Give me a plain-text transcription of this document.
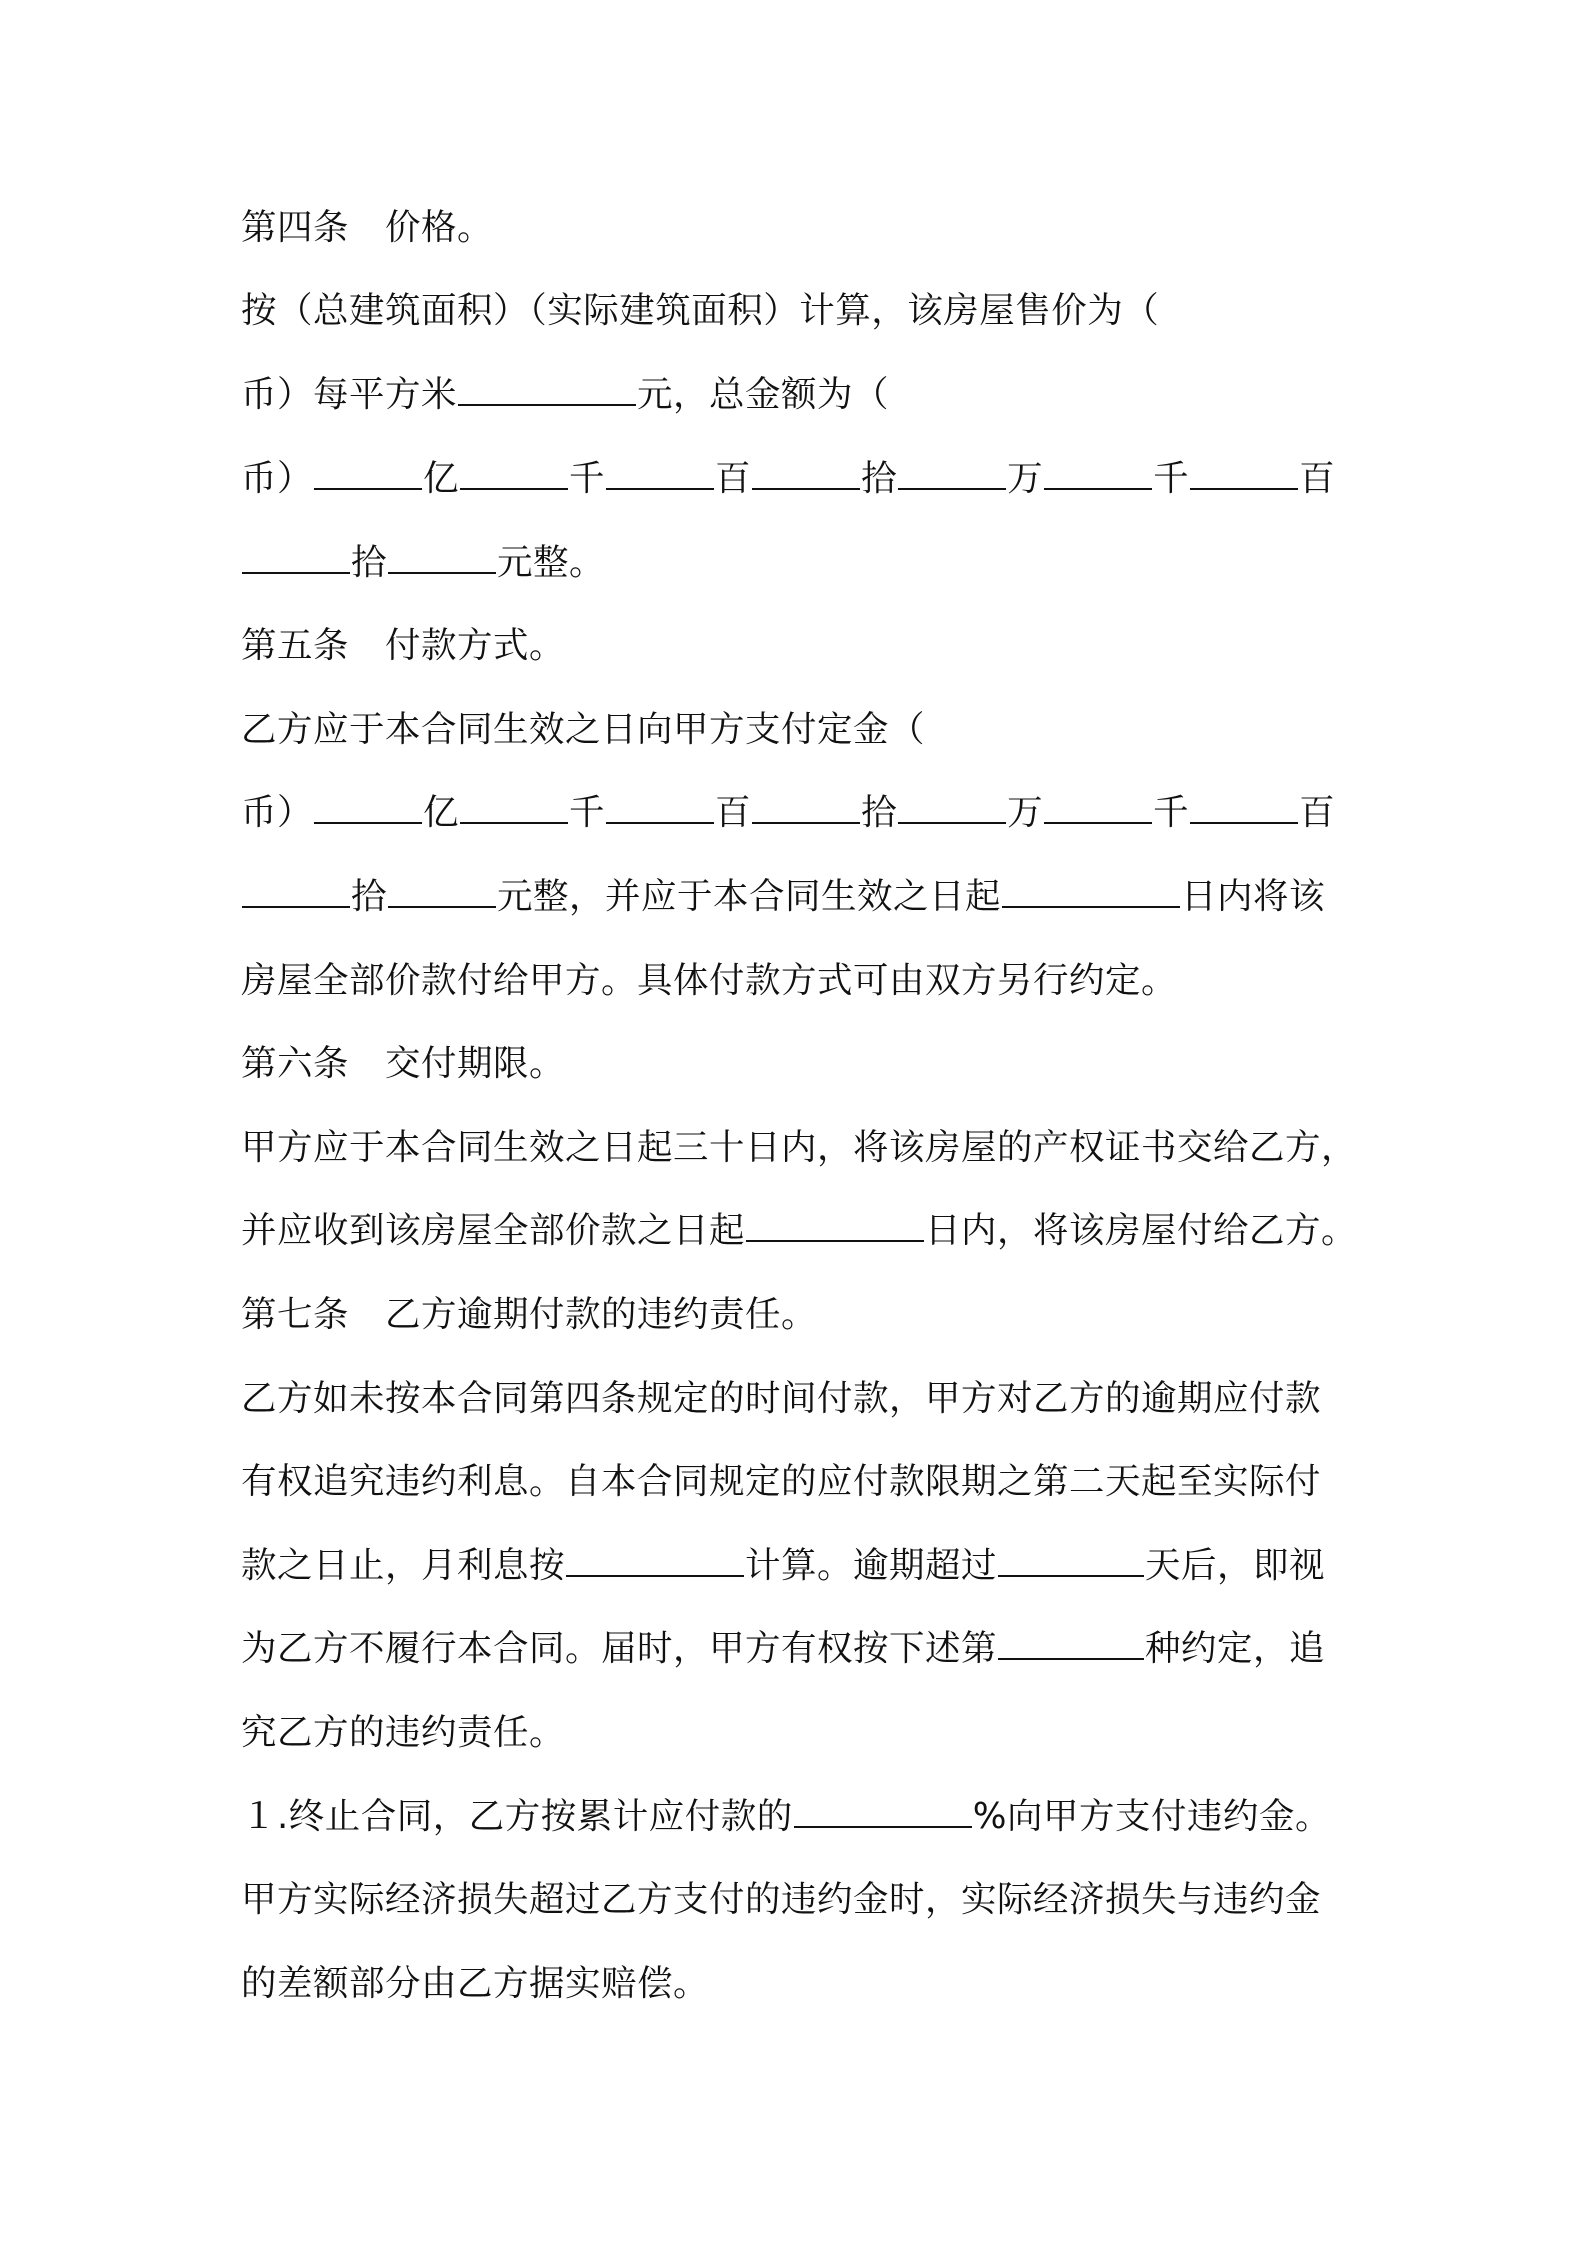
第四条 价格。
按（总建筑面积）（实际建筑面积）计算，该房屋售价为（
币）每平方米	元，总金额为（
币）	亿	千	百	拾	万	千	百
拾	元整。
第五条 付款方式。
乙方应于本合同生效之日向甲方支付定金（
币）	亿	千	百	拾	万	千	百
拾	元整，并应于本合同生效之日起	日内将该
房屋全部价款付给甲方。具体付款方式可由双方另行约定。
第六条 交付期限。
甲方应于本合同生效之日起三十日内，将该房屋的产权证书交给乙方，
并应收到该房屋全部价款之日起	日内，将该房屋付给乙方。
第七条 乙方逾期付款的违约责任。
乙方如未按本合同第四条规定的时间付款，甲方对乙方的逾期应付款
有权追究违约利息。自本合同规定的应付款限期之第二天起至实际付
款之日止，月利息按	计算。逾期超过	天后，即视
为乙方不履行本合同。届时，甲方有权按下述第	种约定，追
究乙方的违约责任。
１.终止合同，乙方按累计应付款的	%向甲方支付违约金。
甲方实际经济损失超过乙方支付的违约金时，实际经济损失与违约金
的差额部分由乙方据实赔偿。
